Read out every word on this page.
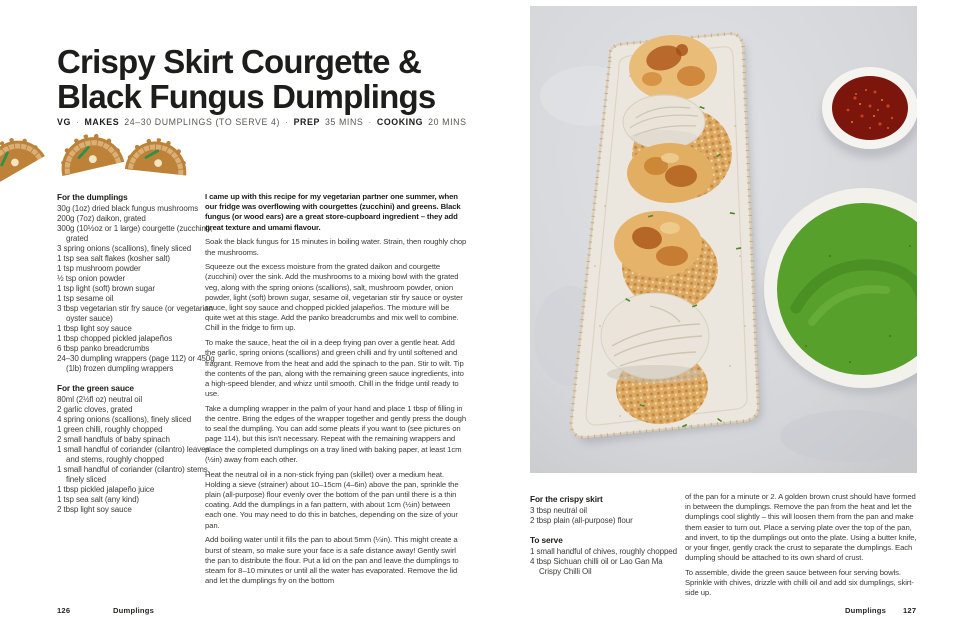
Crispy Skirt Courgette &
Black Fungus Dumplings
VG · MAKES 24–30 DUMPLINGS (TO SERVE 4) · PREP 35 MINS · COOKING 20 MINS

For the dumplings

30g (1oz) dried black fungus mushrooms
200g (7oz) daikon, grated
300g (10½oz or 1 large) courgette (zucchini), grated
3 spring onions (scallions), finely sliced
1 tsp sea salt flakes (kosher salt)
1 tsp mushroom powder
½ tsp onion powder
1 tsp light (soft) brown sugar
1 tsp sesame oil
3 tbsp vegetarian stir fry sauce (or vegetarian oyster sauce)
1 tbsp light soy sauce
1 tbsp chopped pickled jalapeños
6 tbsp panko breadcrumbs
24–30 dumpling wrappers (page 112) or 450g (1lb) frozen dumpling wrappers

For the green sauce

80ml (2½fl oz) neutral oil
2 garlic cloves, grated
4 spring onions (scallions), finely sliced
1 green chilli, roughly chopped
2 small handfuls of baby spinach
1 small handful of coriander (cilantro) leaves and stems, roughly chopped
1 small handful of coriander (cilantro) stems, finely sliced
1 tbsp pickled jalapeño juice
1 tsp sea salt (any kind)
2 tbsp light soy sauce

I came up with this recipe for my vegetarian partner one summer, when our fridge was overflowing with courgettes (zucchini) and greens. Black fungus (or wood ears) are a great store-cupboard ingredient – they add great texture and umami flavour.

Soak the black fungus for 15 minutes in boiling water. Strain, then roughly chop the mushrooms.

Squeeze out the excess moisture from the grated daikon and courgette (zucchini) over the sink. Add the mushrooms to a mixing bowl with the grated veg, along with the spring onions (scallions), salt, mushroom powder, onion powder, light (soft) brown sugar, sesame oil, vegetarian stir fry sauce or oyster sauce, light soy sauce and chopped pickled jalapeños. The mixture will be quite wet at this stage. Add the panko breadcrumbs and mix well to combine. Chill in the fridge to firm up.

To make the sauce, heat the oil in a deep frying pan over a gentle heat. Add the garlic, spring onions (scallions) and green chilli and fry until softened and fragrant. Remove from the heat and add the spinach to the pan. Stir to wilt. Tip the contents of the pan, along with the remaining green sauce ingredients, into a high-speed blender, and whizz until smooth. Chill in the fridge until ready to use.

Take a dumpling wrapper in the palm of your hand and place 1 tbsp of filling in the centre. Bring the edges of the wrapper together and gently press the dough to seal the dumpling. You can add some pleats if you want to (see pictures on page 114), but this isn't necessary. Repeat with the remaining wrappers and place the completed dumplings on a tray lined with baking paper, at least 1cm (½in) away from each other.

Heat the neutral oil in a non-stick frying pan (skillet) over a medium heat. Holding a sieve (strainer) about 10–15cm (4–6in) above the pan, sprinkle the plain (all-purpose) flour evenly over the bottom of the pan until there is a thin coating. Add the dumplings in a fan pattern, with about 1cm (½in) between each one. You may need to do this in batches, depending on the size of your pan.

Add boiling water until it fills the pan to about 5mm (¼in). This might create a burst of steam, so make sure your face is a safe distance away! Gently swirl the pan to distribute the flour. Put a lid on the pan and leave the dumplings to steam for 8–10 minutes or until all the water has evaporated. Remove the lid and let the dumplings fry on the bottom

126	Dumplings

For the crispy skirt

3 tbsp neutral oil
2 tbsp plain (all-purpose) flour

To serve

1 small handful of chives, roughly chopped
4 tbsp Sichuan chilli oil or Lao Gan Ma Crispy Chilli Oil

of the pan for a minute or 2. A golden brown crust should have formed in between the dumplings. Remove the pan from the heat and let the dumplings cool slightly – this will loosen them from the pan and make them easier to turn out. Place a serving plate over the top of the pan, and invert, to tip the dumplings out onto the plate. Using a butter knife, or your finger, gently crack the crust to separate the dumplings. Each dumpling should be attached to its own shard of crust.

To assemble, divide the green sauce between four serving bowls. Sprinkle with chives, drizzle with chilli oil and add six dumplings, skirt-side up.

Dumplings 127
